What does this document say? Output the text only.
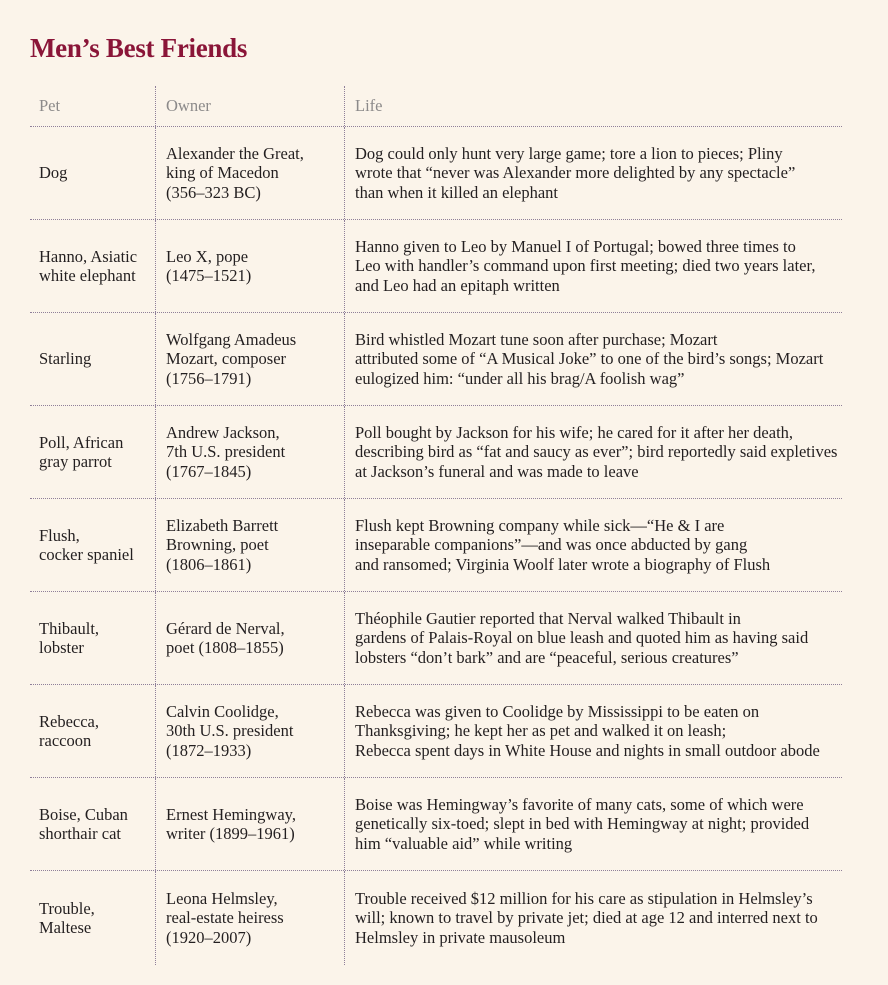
Men’s Best Friends
Pet	Owner	Life
Dog
Alexander the Great,
king of Macedon
(356–323 BC)
Dog could only hunt very large game; tore a lion to pieces; Pliny
wrote that “never was Alexander more delighted by any spectacle”
than when it killed an elephant
Hanno, Asiatic
white elephant
Leo X, pope
(1475–1521)
Hanno given to Leo by Manuel I of Portugal; bowed three times to
Leo with handler’s command upon first meeting; died two years later,
and Leo had an epitaph written
Starling
Wolfgang Amadeus
Mozart, composer
(1756–1791)
Bird whistled Mozart tune soon after purchase; Mozart
attributed some of “A Musical Joke” to one of the bird’s songs; Mozart
eulogized him: “under all his brag/A foolish wag”
Poll, African
gray parrot
Andrew Jackson,
7th U.S. president
(1767–1845)
Poll bought by Jackson for his wife; he cared for it after her death,
describing bird as “fat and saucy as ever”; bird reportedly said expletives
at Jackson’s funeral and was made to leave
Flush,
cocker spaniel
Elizabeth Barrett
Browning, poet
(1806–1861)
Flush kept Browning company while sick—“He & I are
inseparable companions”—and was once abducted by gang
and ransomed; Virginia Woolf later wrote a biography of Flush
Thibault,
lobster
Gérard de Nerval,
poet (1808–1855)
Théophile Gautier reported that Nerval walked Thibault in
gardens of Palais-Royal on blue leash and quoted him as having said
lobsters “don’t bark” and are “peaceful, serious creatures”
Rebecca,
raccoon
Calvin Coolidge,
30th U.S. president
(1872–1933)
Rebecca was given to Coolidge by Mississippi to be eaten on
Thanksgiving; he kept her as pet and walked it on leash;
Rebecca spent days in White House and nights in small outdoor abode
Boise, Cuban
shorthair cat
Ernest Hemingway,
writer (1899–1961)
Boise was Hemingway’s favorite of many cats, some of which were
genetically six-toed; slept in bed with Hemingway at night; provided
him “valuable aid” while writing
Trouble,
Maltese
Leona Helmsley,
real-estate heiress
(1920–2007)
Trouble received $12 million for his care as stipulation in Helmsley’s
will; known to travel by private jet; died at age 12 and interred next to
Helmsley in private mausoleum
